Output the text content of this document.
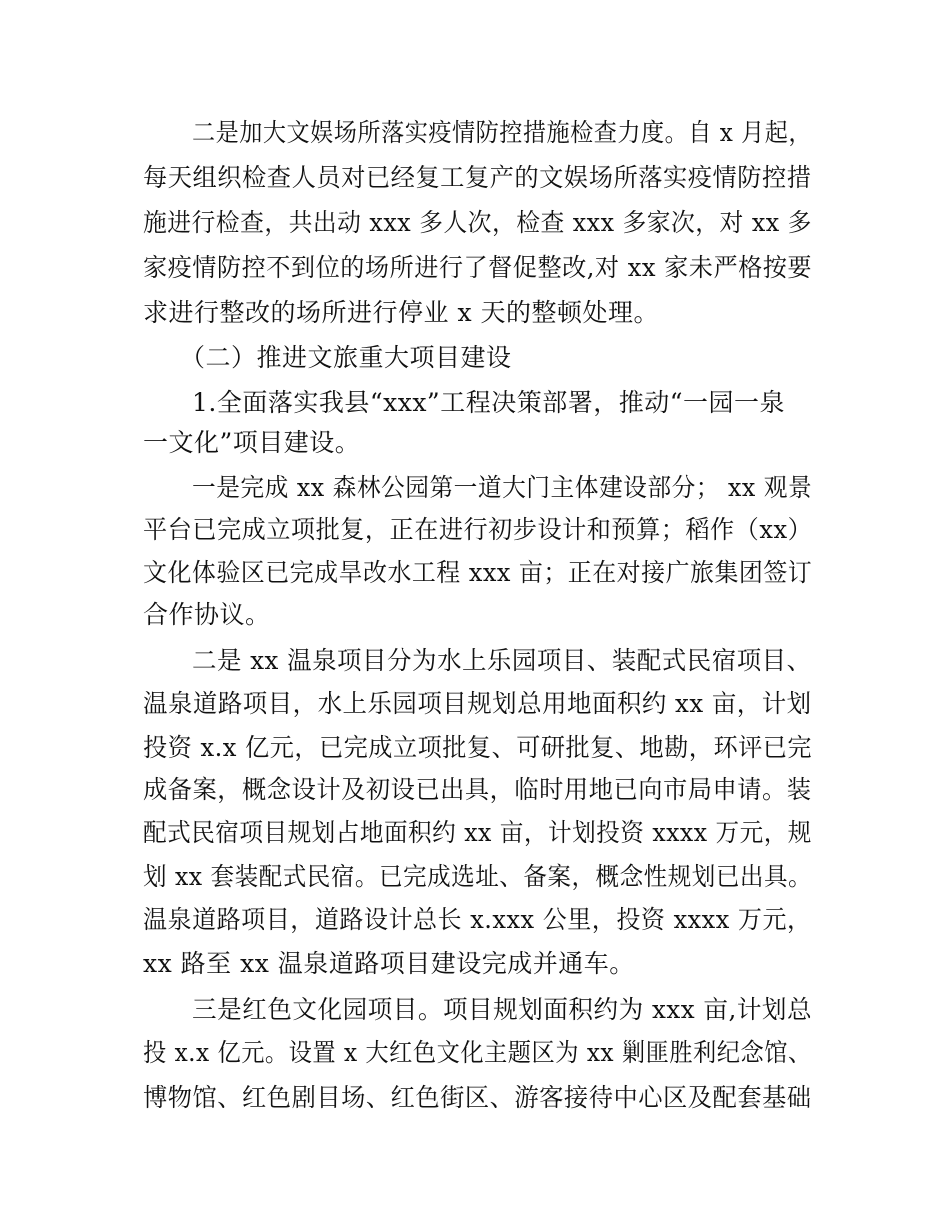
二是加大文娱场所落实疫情防控措施检查力度。自 x 月起，
每天组织检查人员对已经复工复产的文娱场所落实疫情防控措
施进行检查，共出动 xxx 多人次，检查 xxx 多家次，对 xx 多
家疫情防控不到位的场所进行了督促整改,对 xx 家未严格按要
求进行整改的场所进行停业 x 天的整顿处理。
（二）推进文旅重大项目建设
1.全面落实我县“xxx”工程决策部署，推动“一园一泉
一文化”项目建设。
一是完成 xx 森林公园第一道大门主体建设部分； xx 观景
平台已完成立项批复，正在进行初步设计和预算；稻作（xx）
文化体验区已完成旱改水工程 xxx 亩；正在对接广旅集团签订
合作协议。
二是 xx 温泉项目分为水上乐园项目、装配式民宿项目、
温泉道路项目，水上乐园项目规划总用地面积约 xx 亩，计划
投资 x.x 亿元，已完成立项批复、可研批复、地勘，环评已完
成备案，概念设计及初设已出具，临时用地已向市局申请。装
配式民宿项目规划占地面积约 xx 亩，计划投资 xxxx 万元，规
划 xx 套装配式民宿。已完成选址、备案，概念性规划已出具。
温泉道路项目，道路设计总长 x.xxx 公里，投资 xxxx 万元，
xx 路至 xx 温泉道路项目建设完成并通车。
三是红色文化园项目。项目规划面积约为 xxx 亩,计划总
投 x.x 亿元。设置 x 大红色文化主题区为 xx 剿匪胜利纪念馆、
博物馆、红色剧目场、红色街区、游客接待中心区及配套基础
